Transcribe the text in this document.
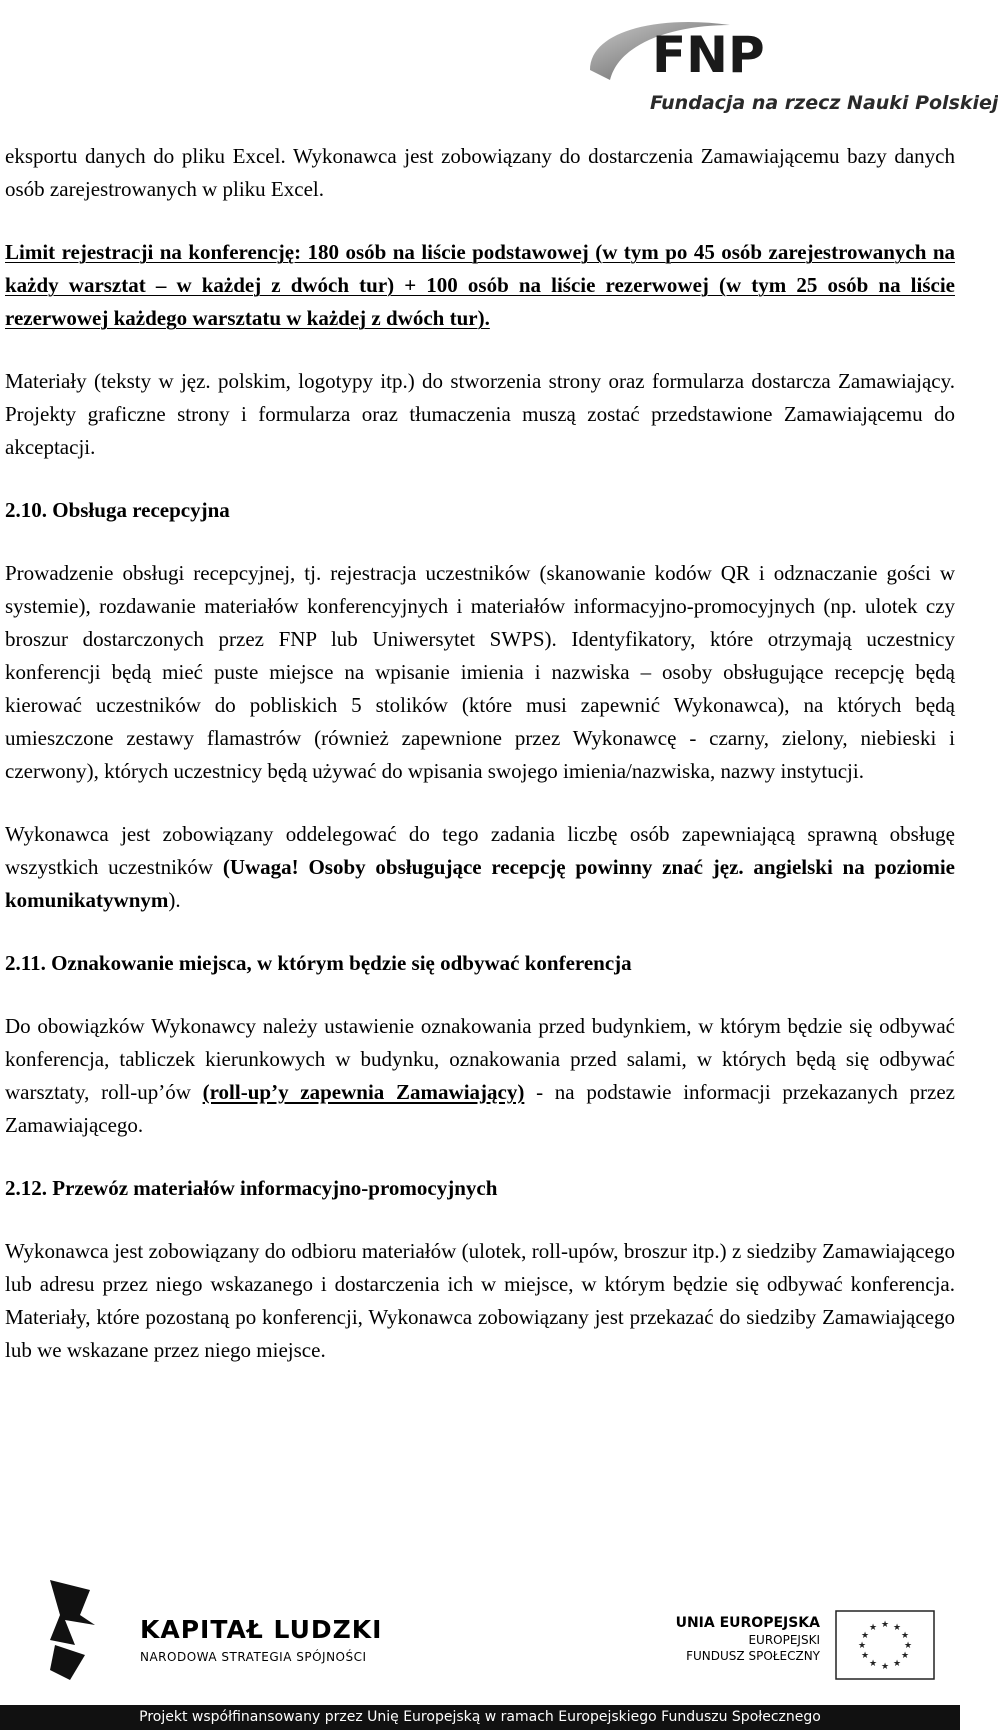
FNP
Fundacja na rzecz Nauki Polskiej

eksportu danych do pliku Excel. Wykonawca jest zobowiązany do dostarczenia Zamawiającemu bazy danych osób zarejestrowanych w pliku Excel.

Limit rejestracji na konferencję: 180 osób na liście podstawowej (w tym po 45 osób zarejestrowanych na każdy warsztat – w każdej z dwóch tur) + 100 osób na liście rezerwowej (w tym 25 osób na liście rezerwowej każdego warsztatu w każdej z dwóch tur).

Materiały (teksty w jęz. polskim, logotypy itp.) do stworzenia strony oraz formularza dostarcza Zamawiający. Projekty graficzne strony i formularza oraz tłumaczenia muszą zostać przedstawione Zamawiającemu do akceptacji.

2.10. Obsługa recepcyjna

Prowadzenie obsługi recepcyjnej, tj. rejestracja uczestników (skanowanie kodów QR i odznaczanie gości w systemie), rozdawanie materiałów konferencyjnych i materiałów informacyjno-promocyjnych (np. ulotek czy broszur dostarczonych przez FNP lub Uniwersytet SWPS). Identyfikatory, które otrzymają uczestnicy konferencji będą mieć puste miejsce na wpisanie imienia i nazwiska – osoby obsługujące recepcję będą kierować uczestników do pobliskich 5 stolików (które musi zapewnić Wykonawca), na których będą umieszczone zestawy flamastrów (również zapewnione przez Wykonawcę - czarny, zielony, niebieski i czerwony), których uczestnicy będą używać do wpisania swojego imienia/nazwiska, nazwy instytucji.

Wykonawca jest zobowiązany oddelegować do tego zadania liczbę osób zapewniającą sprawną obsługę wszystkich uczestników (Uwaga! Osoby obsługujące recepcję powinny znać jęz. angielski na poziomie komunikatywnym).

2.11. Oznakowanie miejsca, w którym będzie się odbywać konferencja

Do obowiązków Wykonawcy należy ustawienie oznakowania przed budynkiem, w którym będzie się odbywać konferencja, tabliczek kierunkowych w budynku, oznakowania przed salami, w których będą się odbywać warsztaty, roll-up’ów (roll-up’y zapewnia Zamawiający) - na podstawie informacji przekazanych przez Zamawiającego.

2.12. Przewóz materiałów informacyjno-promocyjnych

Wykonawca jest zobowiązany do odbioru materiałów (ulotek, roll-upów, broszur itp.) z siedziby Zamawiającego lub adresu przez niego wskazanego i dostarczenia ich w miejsce, w którym będzie się odbywać konferencja. Materiały, które pozostaną po konferencji, Wykonawca zobowiązany jest przekazać do siedziby Zamawiającego lub we wskazane przez niego miejsce.

KAPITAŁ LUDZKI
NARODOWA STRATEGIA SPÓJNOŚCI
UNIA EUROPEJSKA
EUROPEJSKI
FUNDUSZ SPOŁECZNY
★ ★
★
★
★
★
★
★
★
★
★
★
Projekt współfinansowany przez Unię Europejską w ramach Europejskiego Funduszu Społecznego
